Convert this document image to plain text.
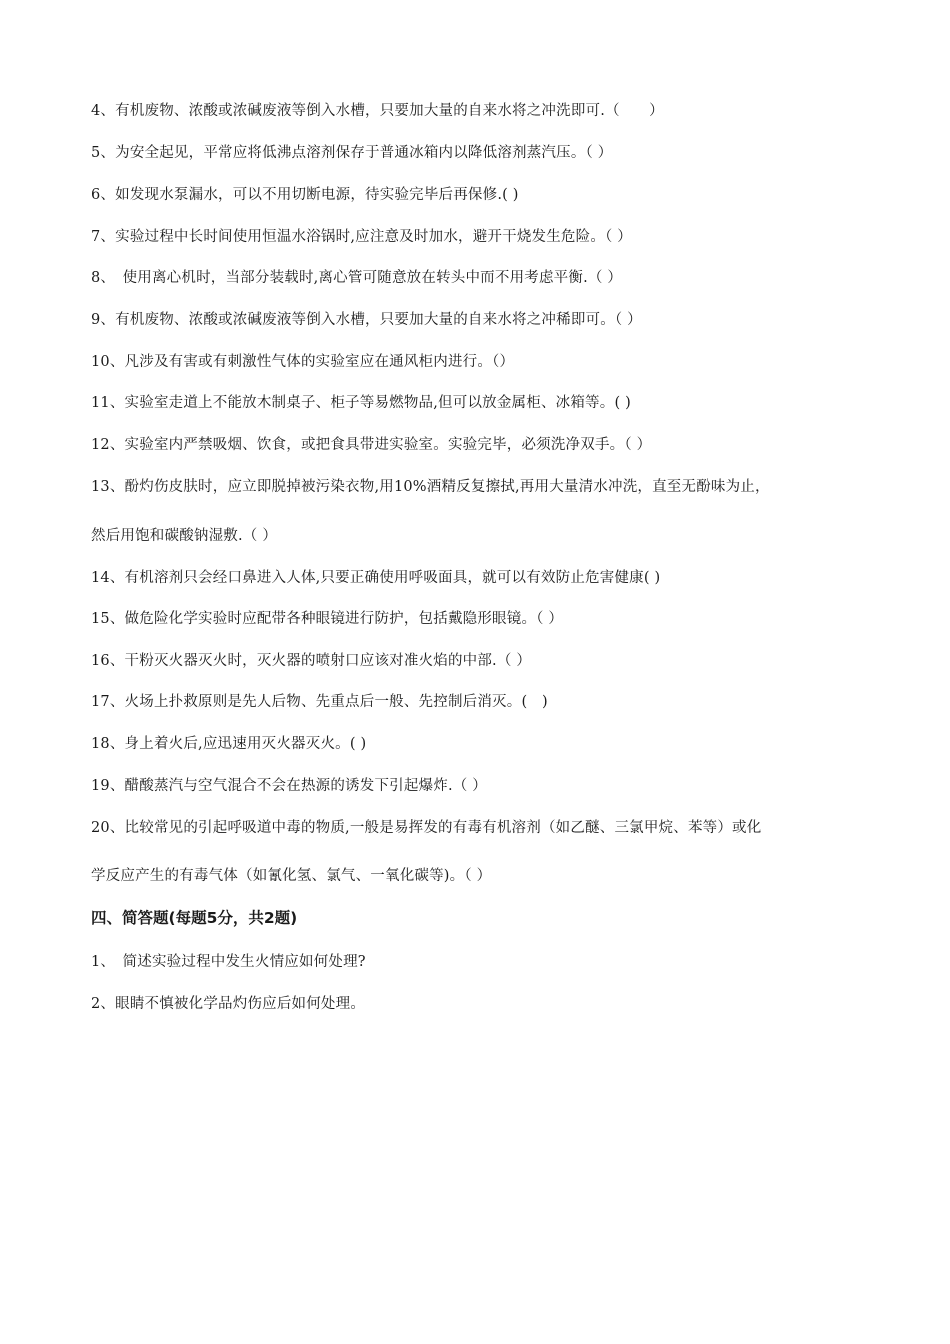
4、有机废物、浓酸或浓碱废液等倒入水槽，只要加大量的自来水将之冲洗即可.（　　）
5、为安全起见，平常应将低沸点溶剂保存于普通冰箱内以降低溶剂蒸汽压。（ ）
6、如发现水泵漏水，可以不用切断电源，待实验完毕后再保修.( )
7、实验过程中长时间使用恒温水浴锅时,应注意及时加水，避开干烧发生危险。（ ）
8、　使用离心机时，当部分装载时,离心管可随意放在转头中而不用考虑平衡.（ ）
9、有机废物、浓酸或浓碱废液等倒入水槽，只要加大量的自来水将之冲稀即可。（ ）
10、凡涉及有害或有刺激性气体的实验室应在通风柜内进行。（）
11、实验室走道上不能放木制桌子、柜子等易燃物品,但可以放金属柜、冰箱等。( )
12、实验室内严禁吸烟、饮食，或把食具带进实验室。实验完毕，必须洗净双手。（ ）
13、酚灼伤皮肤时，应立即脱掉被污染衣物,用10%酒精反复擦拭,再用大量清水冲洗，直至无酚味为止，
然后用饱和碳酸钠湿敷.（ ）
14、有机溶剂只会经口鼻进入人体,只要正确使用呼吸面具，就可以有效防止危害健康( )
15、做危险化学实验时应配带各种眼镜进行防护，包括戴隐形眼镜。（ ）
16、干粉灭火器灭火时，灭火器的喷射口应该对准火焰的中部.（ ）
17、火场上扑救原则是先人后物、先重点后一般、先控制后消灭。(　)
18、身上着火后,应迅速用灭火器灭火。( )
19、醋酸蒸汽与空气混合不会在热源的诱发下引起爆炸.（ ）
20、比较常见的引起呼吸道中毒的物质,一般是易挥发的有毒有机溶剂（如乙醚、三氯甲烷、苯等）或化
学反应产生的有毒气体（如氰化氢、氯气、一氧化碳等)。（ ）
四、简答题(每题5分，共2题)
1、　简述实验过程中发生火情应如何处理?
2、眼睛不慎被化学品灼伤应后如何处理。
